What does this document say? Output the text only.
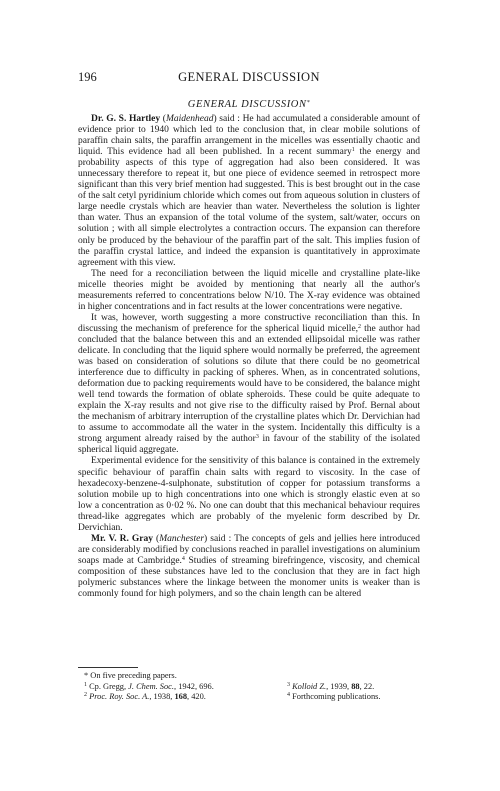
196	GENERAL DISCUSSION
GENERAL DISCUSSION*

Dr. G. S. Hartley (Maidenhead) said : He had accumulated a considerable amount of evidence prior to 1940 which led to the conclusion that, in clear mobile solutions of paraffin chain salts, the paraffin arrangement in the micelles was essentially chaotic and liquid. This evidence had all been published. In a recent summary$^1$ the energy and probability aspects of this type of aggregation had also been considered. It was unnecessary therefore to repeat it, but one piece of evidence seemed in retrospect more significant than this very brief mention had suggested. This is best brought out in the case of the salt cetyl pyridinium chloride which comes out from aqueous solution in clusters of large needle crystals which are heavier than water. Nevertheless the solution is lighter than water. Thus an expansion of the total volume of the system, salt/water, occurs on solution ; with all simple electrolytes a contraction occurs. The expansion can therefore only be produced by the behaviour of the paraffin part of the salt. This implies fusion of the paraffin crystal lattice, and indeed the expansion is quantitatively in approximate agreement with this view.

The need for a reconciliation between the liquid micelle and crystalline plate-like micelle theories might be avoided by mentioning that nearly all the author's measurements referred to concentrations below N/10. The X-ray evidence was obtained in higher concentrations and in fact results at the lower concentrations were negative.

It was, however, worth suggesting a more constructive reconciliation than this. In discussing the mechanism of preference for the spherical liquid micelle,$^2$ the author had concluded that the balance between this and an extended ellipsoidal micelle was rather delicate. In concluding that the liquid sphere would normally be preferred, the agreement was based on consideration of solutions so dilute that there could be no geometrical interference due to difficulty in packing of spheres. When, as in concentrated solutions, deformation due to packing requirements would have to be considered, the balance might well tend towards the formation of oblate spheroids. These could be quite adequate to explain the X-ray results and not give rise to the difficulty raised by Prof. Bernal about the mechanism of arbitrary interruption of the crystalline plates which Dr. Dervichian had to assume to accommodate all the water in the system. Incidentally this difficulty is a strong argument already raised by the author$^3$ in favour of the stability of the isolated spherical liquid aggregate.

Experimental evidence for the sensitivity of this balance is contained in the extremely specific behaviour of paraffin chain salts with regard to viscosity. In the case of hexadecoxy-benzene-4-sulphonate, substitution of copper for potassium transforms a solution mobile up to high concentrations into one which is strongly elastic even at so low a concentration as 0·02 %. No one can doubt that this mechanical behaviour requires thread-like aggregates which are probably of the myelenic form described by Dr. Dervichian.

Mr. V. R. Gray (Manchester) said : The concepts of gels and jellies here introduced are considerably modified by conclusions reached in parallel investigations on aluminium soaps made at Cambridge.$^4$ Studies of streaming birefringence, viscosity, and chemical composition of these substances have led to the conclusion that they are in fact high polymeric substances where the linkage between the monomer units is weaker than is commonly found for high polymers, and so the chain length can be altered

* On five preceding papers.
$^1$ Cp. Gregg, J. Chem. Soc., 1942, 696.	$^3$ Kolloid Z., 1939, 88, 22.
$^2$ Proc. Roy. Soc. A., 1938, 168, 420.	$^4$ Forthcoming publications.
